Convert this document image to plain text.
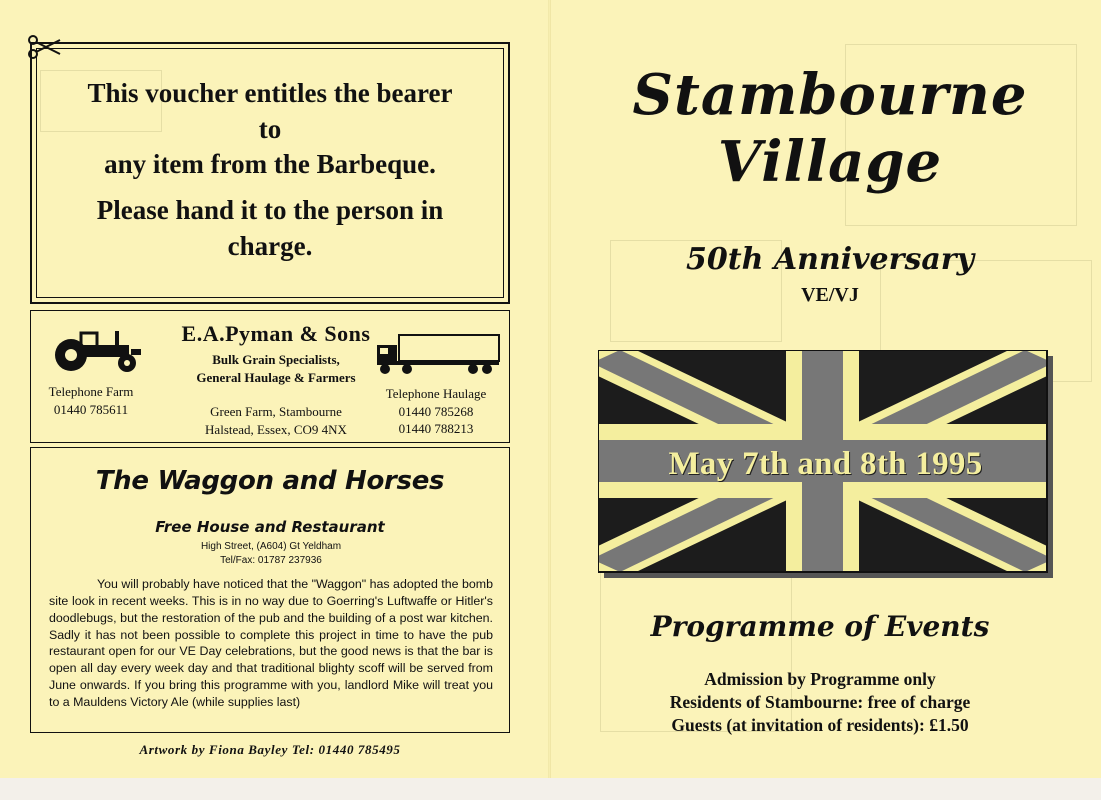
This voucher entitles the bearer
to
any item from the Barbeque.
Please hand it to the person in
charge.
E.A.Pyman & Sons
Bulk Grain Specialists,
General Haulage & Farmers
Telephone Farm
01440 785611	Green Farm, Stambourne
Halstead, Essex, CO9 4NX
Telephone Haulage
01440 785268
01440 788213
The Waggon and Horses
Free House and Restaurant
High Street, (A604) Gt Yeldham
Tel/Fax: 01787 237936

You will probably have noticed that the "Waggon" has adopted the bomb site look in recent weeks. This is in no way due to Goerring's Luftwaffe or Hitler's doodlebugs, but the restoration of the pub and the building of a post war kitchen. Sadly it has not been possible to complete this project in time to have the pub restaurant open for our VE Day celebrations, but the good news is that the bar is open all day every week day and that traditional blighty scoff will be served from June onwards. If you bring this programme with you, landlord Mike will treat you to a Mauldens Victory Ale (while supplies last)

Artwork by Fiona Bayley Tel: 01440 785495
Stambourne
Village
50th Anniversary
VE/VJ
May 7th and 8th 1995
Programme of Events
Admission by Programme only
Residents of Stambourne: free of charge
Guests (at invitation of residents): £1.50
